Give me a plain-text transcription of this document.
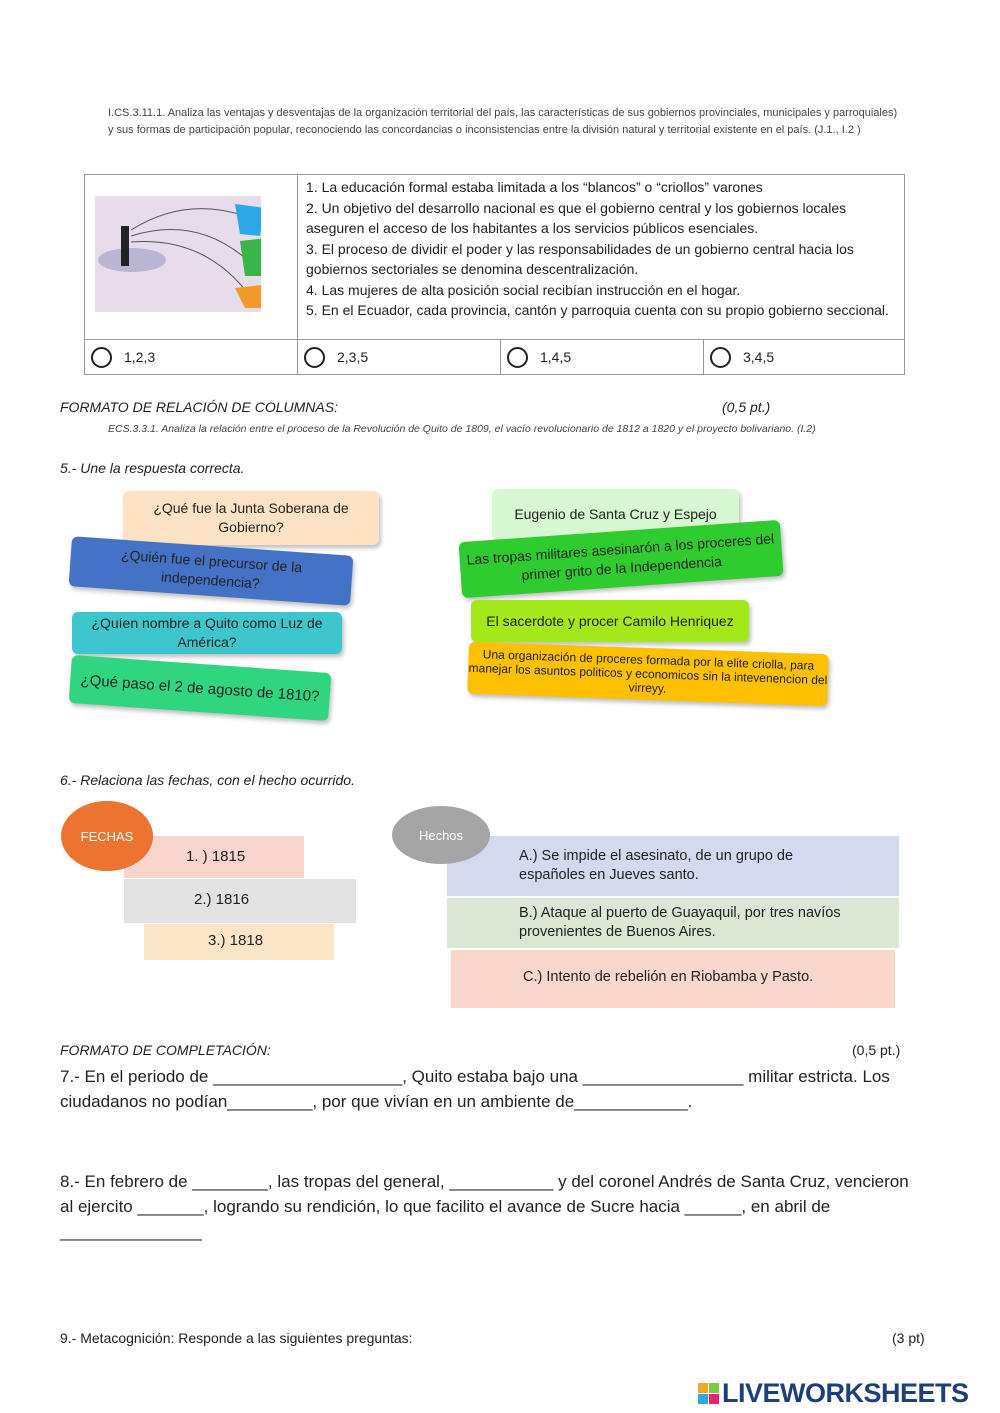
I.CS.3.11.1. Analiza las ventajas y desventajas de la organización territorial del país, las características de sus gobiernos provinciales, municipales y parroquiales) y sus formas de participación popular, reconociendo las concordancias o inconsistencias entre la división natural y territorial existente en el país. (J.1., I.2 )

1. La educación formal estaba limitada a los “blancos” o “criollos” varones
2. Un objetivo del desarrollo nacional es que el gobierno central y los gobiernos locales aseguren el acceso de los habitantes a los servicios públicos esenciales.
3. El proceso de dividir el poder y las responsabilidades de un gobierno central hacia los gobiernos sectoriales se denomina descentralización.
4. Las mujeres de alta posición social recibían instrucción en el hogar.
5. En el Ecuador, cada provincia, cantón y parroquia cuenta con su propio gobierno seccional.		

1,2,3	2,3,5	1,4,5	3,4,5
FORMATO DE RELACIÓN DE COLUMNAS:	(0,5 pt.)
ECS.3.3.1. Analiza la relación entre el proceso de la Revolución de Quito de 1809, el vacío revolucionario de 1812 a 1820 y el proyecto bolivariano. (I.2)
5.- Une la respuesta correcta.
¿Qué fue la Junta Soberana de Gobierno?
¿Quién fue el precursor de la independencia?
¿Quíen nombre a Quito como Luz de América?
¿Qué paso el 2 de agosto de 1810?
Eugenio de Santa Cruz y Espejo
Las tropas militares asesinarón a los proceres del primer grito de la Independencia
El sacerdote y procer Camilo Henriquez
Una organización de proceres formada por la elite criolla, para manejar los asuntos politicos y economicos sin la intevenencion del virreyy.
6.- Relaciona las fechas, con el hecho ocurrido.
1. ) 1815
2.) 1816
3.) 1818
FECHAS
A.) Se impide el asesinato, de un grupo de españoles en Jueves santo.
B.) Ataque al puerto de Guayaquil, por tres navíos provenientes de Buenos Aires.
C.) Intento de rebelión en Riobamba y Pasto.
Hechos
FORMATO DE COMPLETACIÓN:	(0,5 pt.)
7.- En el periodo de ____________________, Quito estaba bajo una _________________ militar estricta. Los ciudadanos no podían_________, por que vivían en un ambiente de____________.
8.- En febrero de ________, las tropas del general, ___________ y del coronel Andrés de Santa Cruz, vencieron al ejercito _______, logrando su rendición, lo que facilito el avance de Sucre hacia ______, en abril de _______________
9.- Metacognición: Responde a las siguientes preguntas:	(3 pt)
LIVEWORKSHEETS
